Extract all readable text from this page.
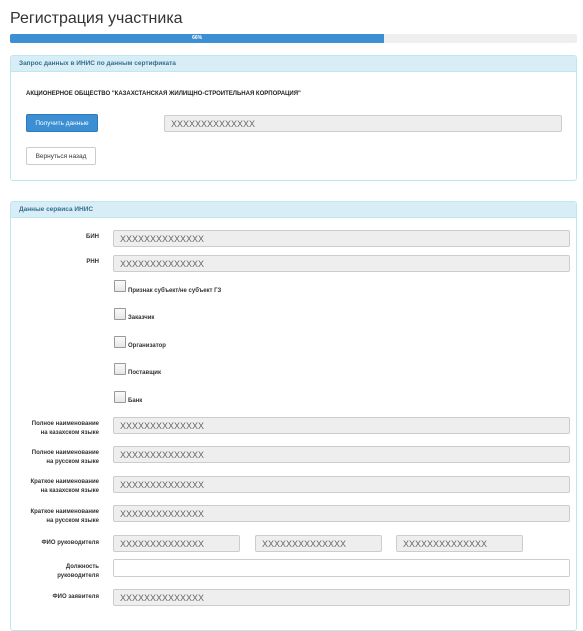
Регистрация участника
66%
Запрос данных в ИНИС по данным сертификата
АКЦИОНЕРНОЕ ОБЩЕСТВО "КАЗАХСТАНСКАЯ ЖИЛИЩНО-СТРОИТЕЛЬНАЯ КОРПОРАЦИЯ"
Получить данные
XXXXXXXXXXXXXX
Вернуться назад
Данные сервиса ИНИС
БИН
XXXXXXXXXXXXXX
РНН
XXXXXXXXXXXXXX
Признак субъект/не субъект ГЗ
Заказчик
Организатор
Поставщик
Банк
Полное наименование
на казахском языке
XXXXXXXXXXXXXX
Полное наименование
на русском языке
XXXXXXXXXXXXXX
Краткое наименование
на казахском языке
XXXXXXXXXXXXXX
Краткое наименование
на русском языке
XXXXXXXXXXXXXX
ФИО руководителя
XXXXXXXXXXXXXX
XXXXXXXXXXXXXX
XXXXXXXXXXXXXX
Должность
руководителя
ФИО заявителя
XXXXXXXXXXXXXX
